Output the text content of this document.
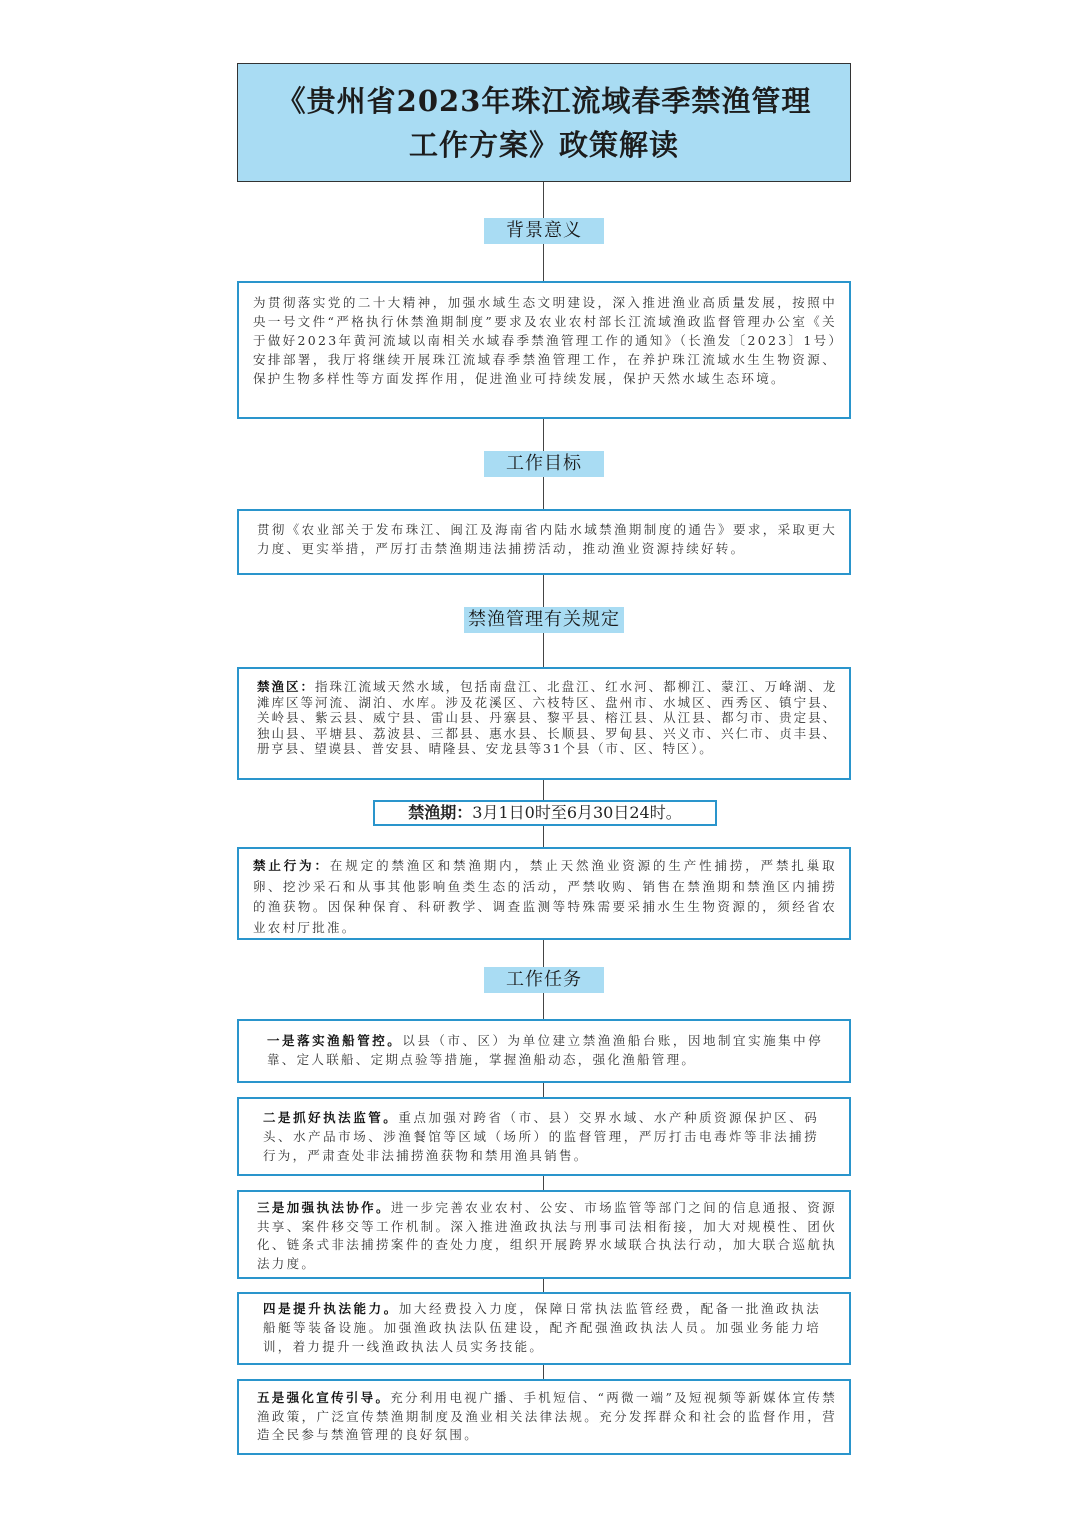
《贵州省2023年珠江流域春季禁渔管理
工作方案》政策解读
背景意义
为贯彻落实党的二十大精神，加强水域生态文明建设，深入推进渔业高质量发展，按照中央一号文件“严格执行休禁渔期制度”要求及农业农村部长江流域渔政监督管理办公室《关于做好2023年黄河流域以南相关水域春季禁渔管理工作的通知》（长渔发〔2023〕1号）安排部署，我厅将继续开展珠江流域春季禁渔管理工作，在养护珠江流域水生生物资源、保护生物多样性等方面发挥作用，促进渔业可持续发展，保护天然水域生态环境。
工作目标
贯彻《农业部关于发布珠江、闽江及海南省内陆水域禁渔期制度的通告》要求，采取更大力度、更实举措，严厉打击禁渔期违法捕捞活动，推动渔业资源持续好转。
禁渔管理有关规定
禁渔区：指珠江流域天然水域，包括南盘江、北盘江、红水河、都柳江、蒙江、万峰湖、龙滩库区等河流、湖泊、水库。涉及花溪区、六枝特区、盘州市、水城区、西秀区、镇宁县、关岭县、紫云县、威宁县、雷山县、丹寨县、黎平县、榕江县、从江县、都匀市、贵定县、独山县、平塘县、荔波县、三都县、惠水县、长顺县、罗甸县、兴义市、兴仁市、贞丰县、册亨县、望谟县、普安县、晴隆县、安龙县等31个县（市、区、特区）。
禁渔期：3月1日0时至6月30日24时。
禁止行为：在规定的禁渔区和禁渔期内，禁止天然渔业资源的生产性捕捞，严禁扎巢取卵、挖沙采石和从事其他影响鱼类生态的活动，严禁收购、销售在禁渔期和禁渔区内捕捞的渔获物。因保种保育、科研教学、调查监测等特殊需要采捕水生生物资源的，须经省农业农村厅批准。
工作任务
一是落实渔船管控。以县（市、区）为单位建立禁渔渔船台账，因地制宜实施集中停靠、定人联船、定期点验等措施，掌握渔船动态，强化渔船管理。
二是抓好执法监管。重点加强对跨省（市、县）交界水域、水产种质资源保护区、码头、水产品市场、涉渔餐馆等区域（场所）的监督管理，严厉打击电毒炸等非法捕捞行为，严肃查处非法捕捞渔获物和禁用渔具销售。
三是加强执法协作。进一步完善农业农村、公安、市场监管等部门之间的信息通报、资源共享、案件移交等工作机制。深入推进渔政执法与刑事司法相衔接，加大对规模性、团伙化、链条式非法捕捞案件的查处力度，组织开展跨界水域联合执法行动，加大联合巡航执法力度。
四是提升执法能力。加大经费投入力度，保障日常执法监管经费，配备一批渔政执法船艇等装备设施。加强渔政执法队伍建设，配齐配强渔政执法人员。加强业务能力培训，着力提升一线渔政执法人员实务技能。
五是强化宣传引导。充分利用电视广播、手机短信、“两微一端”及短视频等新媒体宣传禁渔政策，广泛宣传禁渔期制度及渔业相关法律法规。充分发挥群众和社会的监督作用，营造全民参与禁渔管理的良好氛围。
